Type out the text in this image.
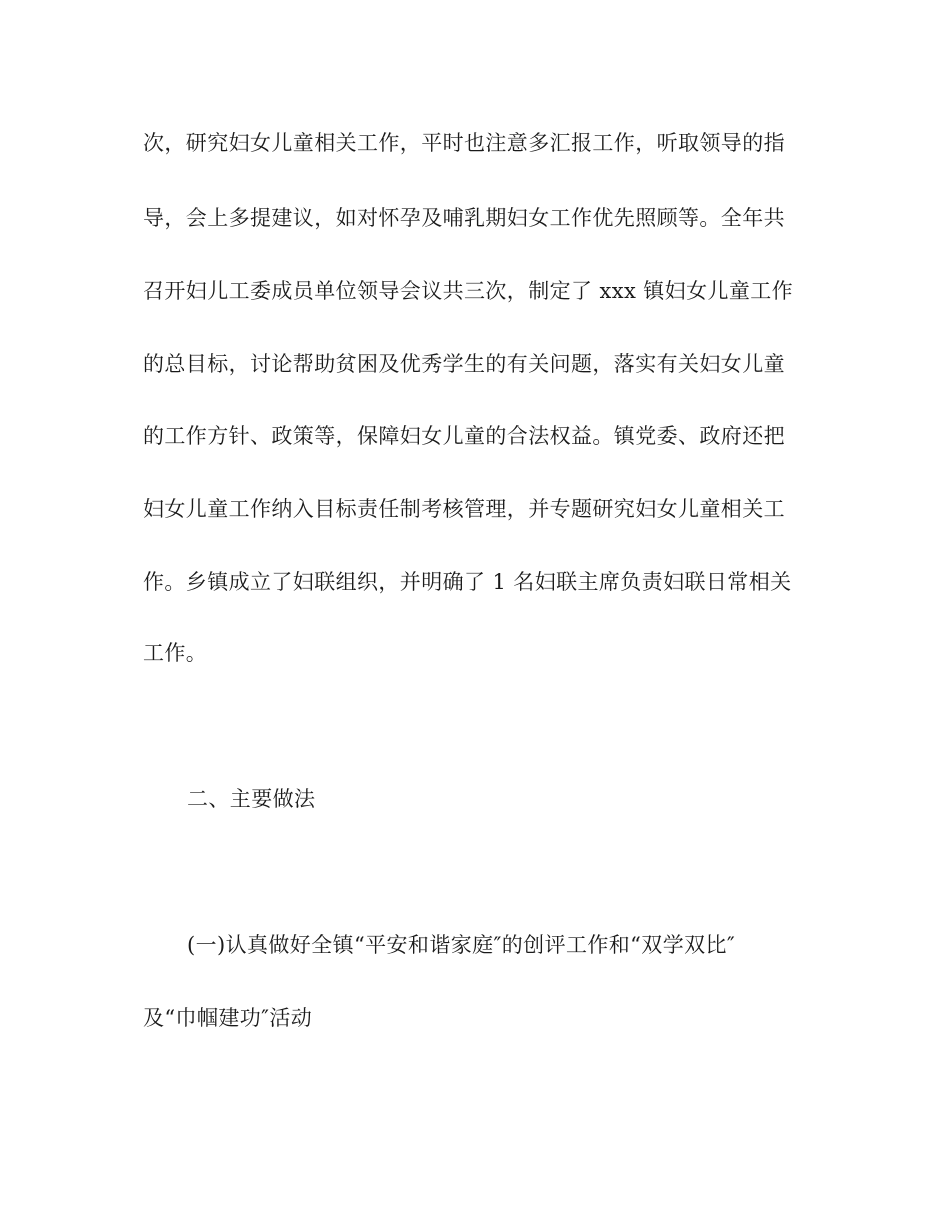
次，研究妇女儿童相关工作，平时也注意多汇报工作，听取领导的指
导，会上多提建议，如对怀孕及哺乳期妇女工作优先照顾等。全年共
召开妇儿工委成员单位领导会议共三次，制定了 xxx 镇妇女儿童工作
的总目标，讨论帮助贫困及优秀学生的有关问题，落实有关妇女儿童
的工作方针、政策等，保障妇女儿童的合法权益。镇党委、政府还把
妇女儿童工作纳入目标责任制考核管理，并专题研究妇女儿童相关工
作。乡镇成立了妇联组织，并明确了 1 名妇联主席负责妇联日常相关
工作。
二、主要做法
(一)认真做好全镇“平安和谐家庭″的创评工作和“双学双比″
及“巾帼建功″活动
